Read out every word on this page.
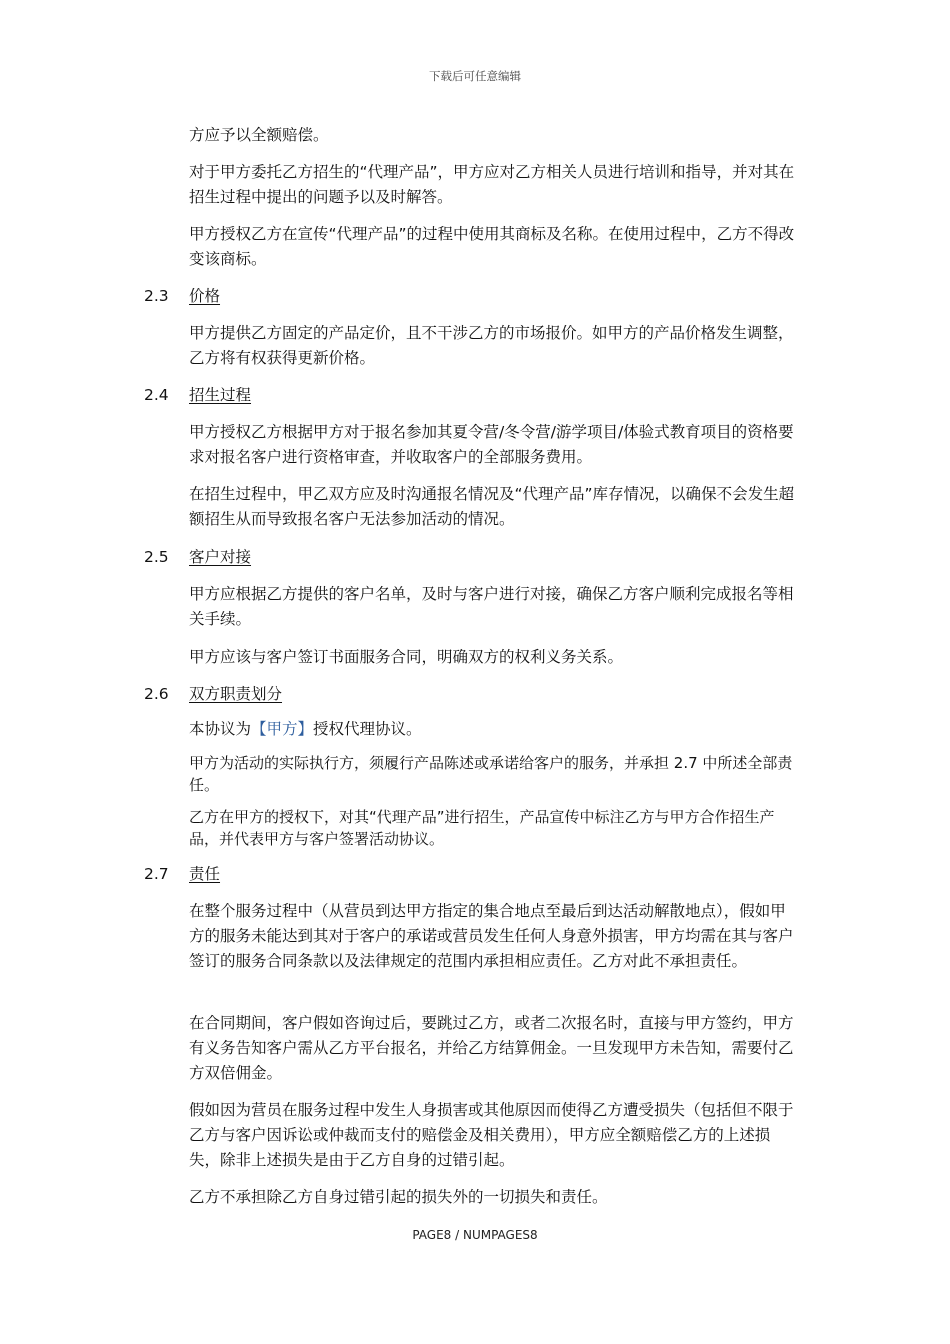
下载后可任意编辑
方应予以全额赔偿。
对于甲方委托乙方招生的“代理产品”，甲方应对乙方相关人员进行培训和指导，并对其在招生过程中提出的问题予以及时解答。
甲方授权乙方在宣传“代理产品”的过程中使用其商标及名称。在使用过程中，乙方不得改变该商标。
2.3 价格
甲方提供乙方固定的产品定价，且不干涉乙方的市场报价。如甲方的产品价格发生调整，乙方将有权获得更新价格。
2.4 招生过程
甲方授权乙方根据甲方对于报名参加其夏令营/冬令营/游学项目/体验式教育项目的资格要求对报名客户进行资格审查，并收取客户的全部服务费用。
在招生过程中，甲乙双方应及时沟通报名情况及“代理产品”库存情况，以确保不会发生超额招生从而导致报名客户无法参加活动的情况。
2.5 客户对接
甲方应根据乙方提供的客户名单，及时与客户进行对接，确保乙方客户顺利完成报名等相关手续。
甲方应该与客户签订书面服务合同，明确双方的权利义务关系。
2.6 双方职责划分
本协议为【甲方】授权代理协议。
甲方为活动的实际执行方，须履行产品陈述或承诺给客户的服务，并承担 2.7 中所述全部责任。
乙方在甲方的授权下，对其“代理产品”进行招生，产品宣传中标注乙方与甲方合作招生产品，并代表甲方与客户签署活动协议。
2.7 责任
在整个服务过程中（从营员到达甲方指定的集合地点至最后到达活动解散地点），假如甲方的服务未能达到其对于客户的承诺或营员发生任何人身意外损害，甲方均需在其与客户签订的服务合同条款以及法律规定的范围内承担相应责任。乙方对此不承担责任。
在合同期间，客户假如咨询过后，要跳过乙方，或者二次报名时，直接与甲方签约，甲方有义务告知客户需从乙方平台报名，并给乙方结算佣金。一旦发现甲方未告知，需要付乙方双倍佣金。
假如因为营员在服务过程中发生人身损害或其他原因而使得乙方遭受损失（包括但不限于乙方与客户因诉讼或仲裁而支付的赔偿金及相关费用），甲方应全额赔偿乙方的上述损失，除非上述损失是由于乙方自身的过错引起。
乙方不承担除乙方自身过错引起的损失外的一切损失和责任。
PAGE8 / NUMPAGES8
